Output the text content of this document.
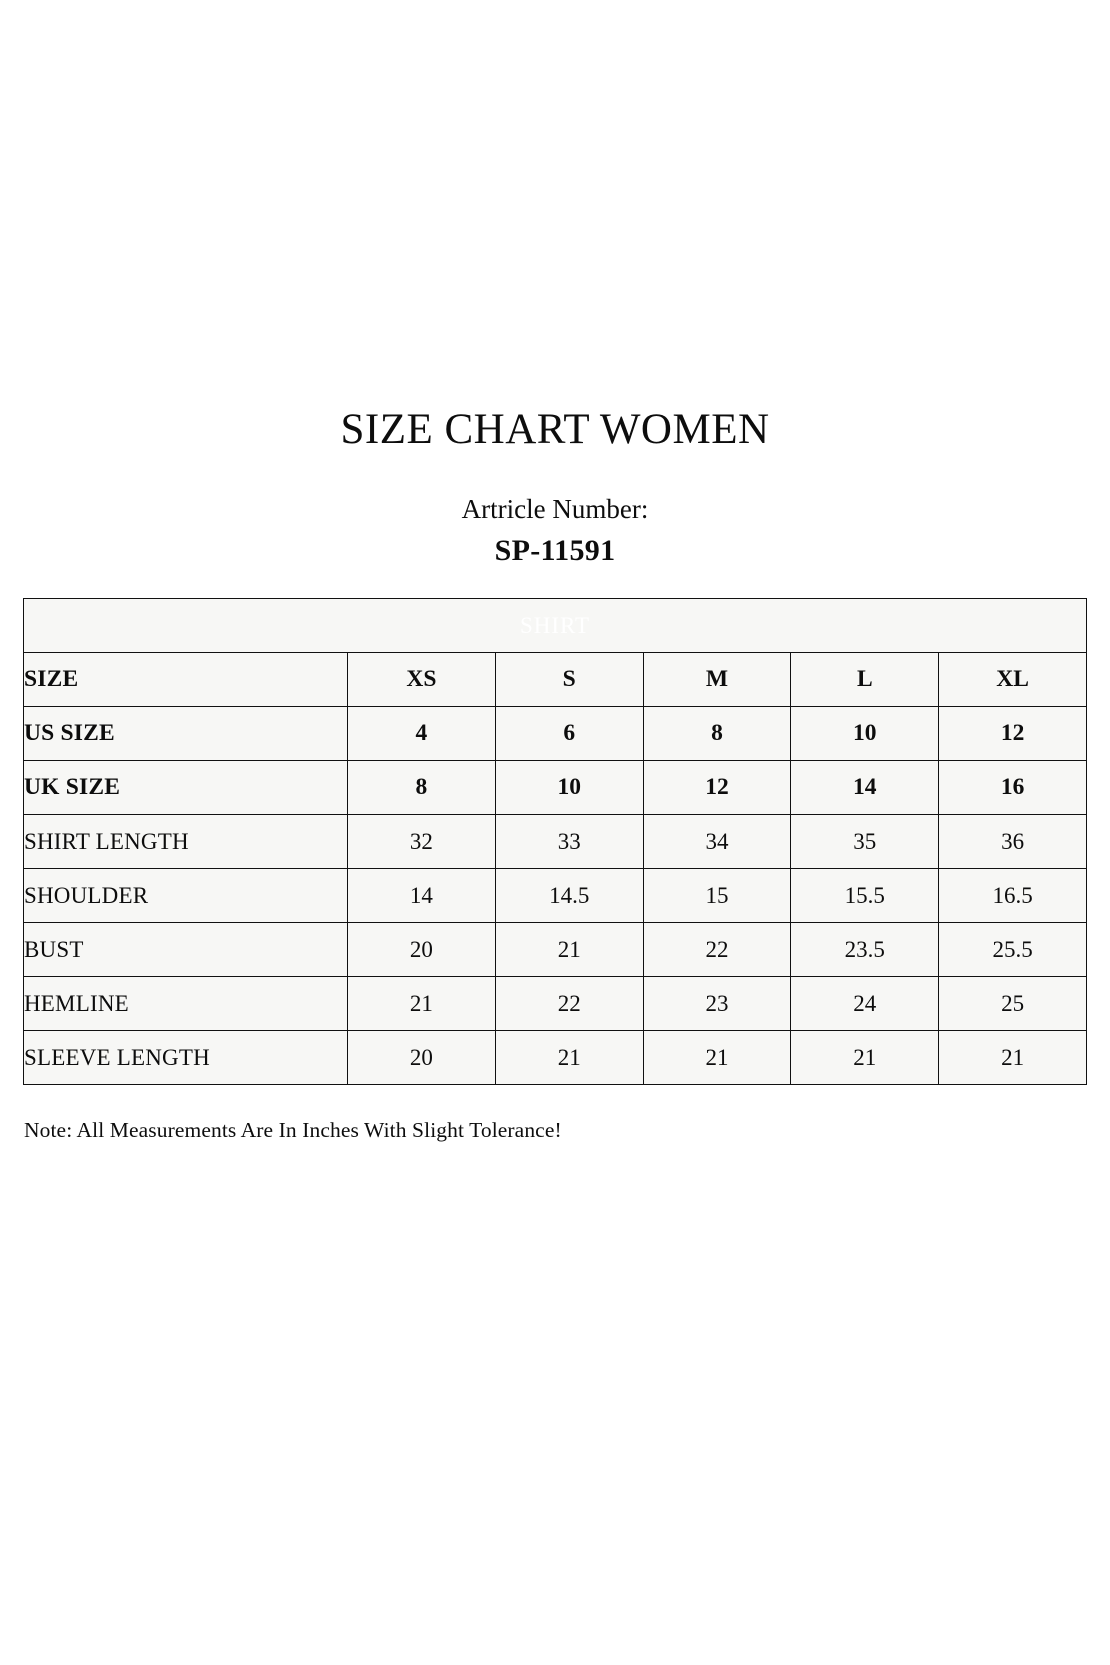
SIZE CHART WOMEN
Artricle Number:
SP-11591
SHIRT					
SIZE	XS	S	M	L	XL
US SIZE	4	6	8	10	12
UK SIZE	8	10	12	14	16
SHIRT LENGTH	32	33	34	35	36
SHOULDER	14	14.5	15	15.5	16.5
BUST	20	21	22	23.5	25.5
HEMLINE	21	22	23	24	25
SLEEVE LENGTH	20	21	21	21	21
Note: All Measurements Are In Inches With Slight Tolerance!
